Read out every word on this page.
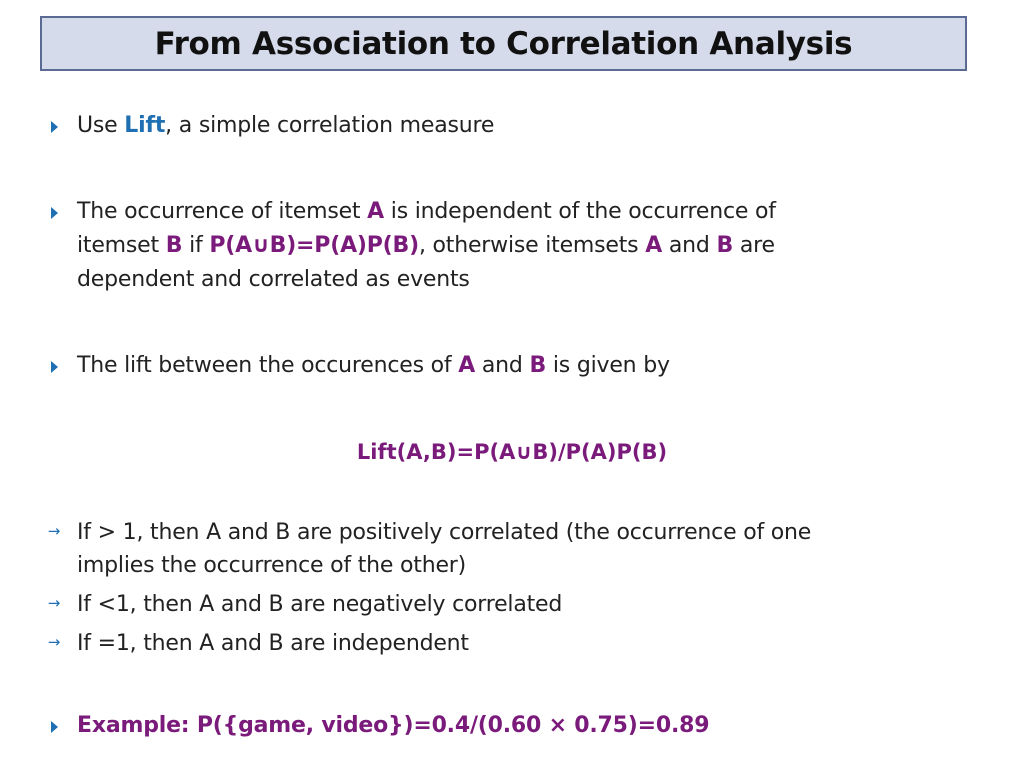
From Association to Correlation Analysis
Use Lift, a simple correlation measure
The occurrence of itemset A is independent of the occurrence of
itemset B if P(A∪B)=P(A)P(B), otherwise itemsets A and B are
dependent and correlated as events
The lift between the occurences of A and B is given by
Lift(A,B)=P(A∪B)/P(A)P(B)
→ If > 1, then A and B are positively correlated (the occurrence of one
implies the occurrence of the other)
→ If <1, then A and B are negatively correlated
→ If =1, then A and B are independent
Example: P({game, video})=0.4/(0.60 × 0.75)=0.89
